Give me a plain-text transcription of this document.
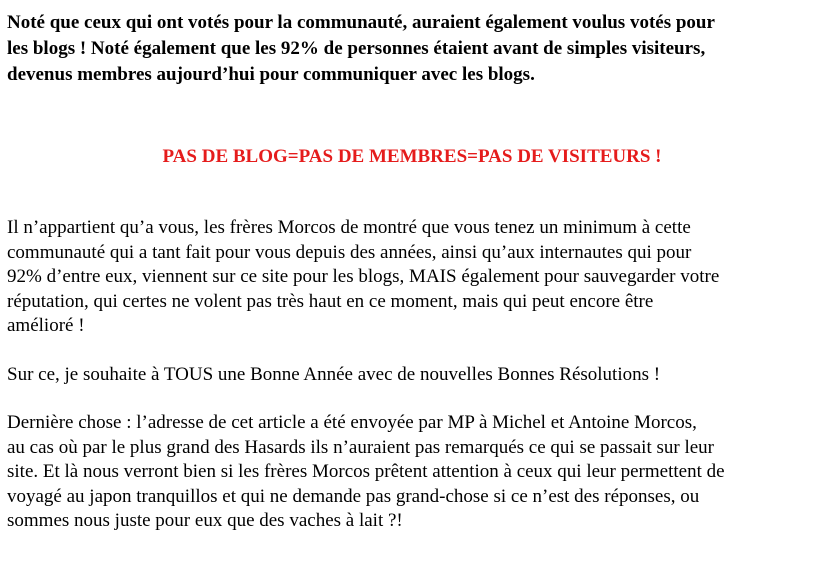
Noté que ceux qui ont votés pour la communauté, auraient également voulus votés pour
les blogs ! Noté également que les 92% de personnes étaient avant de simples visiteurs,
devenus membres aujourd’hui pour communiquer avec les blogs.

PAS DE BLOG=PAS DE MEMBRES=PAS DE VISITEURS !

Il n’appartient qu’a vous, les frères Morcos de montré que vous tenez un minimum à cette
communauté qui a tant fait pour vous depuis des années, ainsi qu’aux internautes qui pour
92% d’entre eux, viennent sur ce site pour les blogs, MAIS également pour sauvegarder votre
réputation, qui certes ne volent pas très haut en ce moment, mais qui peut encore être
amélioré !

Sur ce, je souhaite à TOUS une Bonne Année avec de nouvelles Bonnes Résolutions !

Dernière chose : l’adresse de cet article a été envoyée par MP à Michel et Antoine Morcos,
au cas où par le plus grand des Hasards ils n’auraient pas remarqués ce qui se passait sur leur
site. Et là nous verront bien si les frères Morcos prêtent attention à ceux qui leur permettent de
voyagé au japon tranquillos et qui ne demande pas grand-chose si ce n’est des réponses, ou
sommes nous juste pour eux que des vaches à lait ?!
